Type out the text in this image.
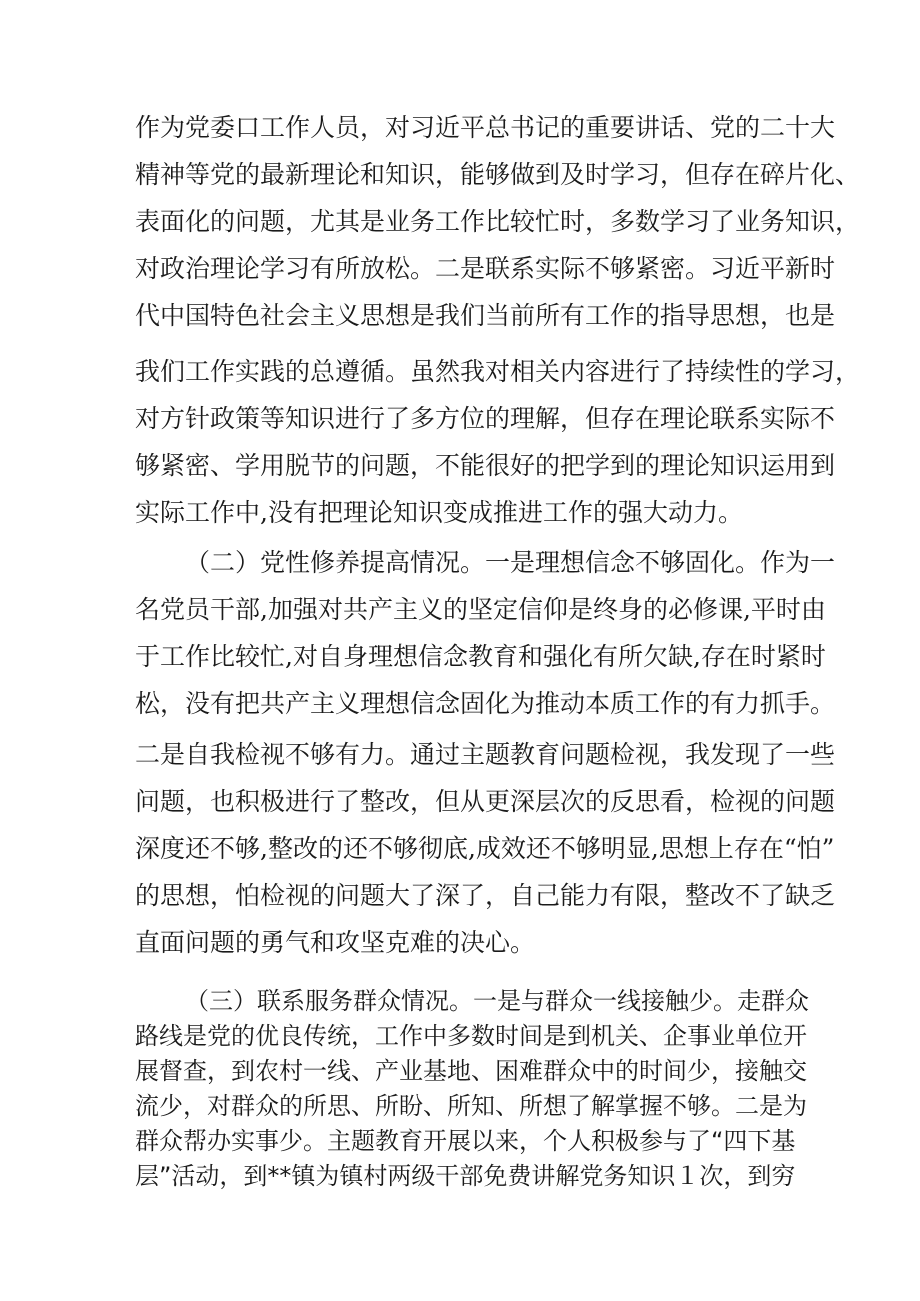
作为党委口工作人员，对习近平总书记的重要讲话、党的二十大
精神等党的最新理论和知识，能够做到及时学习，但存在碎片化、
表面化的问题，尤其是业务工作比较忙时，多数学习了业务知识，
对政治理论学习有所放松。二是联系实际不够紧密。习近平新时
代中国特色社会主义思想是我们当前所有工作的指导思想，也是
我们工作实践的总遵循。虽然我对相关内容进行了持续性的学习，
对方针政策等知识进行了多方位的理解，但存在理论联系实际不
够紧密、学用脱节的问题，不能很好的把学到的理论知识运用到
实际工作中,没有把理论知识变成推进工作的强大动力。
（二）党性修养提高情况。一是理想信念不够固化。作为一
名党员干部,加强对共产主义的坚定信仰是终身的必修课,平时由
于工作比较忙,对自身理想信念教育和强化有所欠缺,存在时紧时
松，没有把共产主义理想信念固化为推动本质工作的有力抓手。
二是自我检视不够有力。通过主题教育问题检视，我发现了一些
问题，也积极进行了整改，但从更深层次的反思看，检视的问题
深度还不够,整改的还不够彻底,成效还不够明显,思想上存在“怕”
的思想，怕检视的问题大了深了，自己能力有限，整改不了缺乏
直面问题的勇气和攻坚克难的决心。
（三）联系服务群众情况。一是与群众一线接触少。走群众
路线是党的优良传统，工作中多数时间是到机关、企事业单位开
展督查，到农村一线、产业基地、困难群众中的时间少，接触交
流少，对群众的所思、所盼、所知、所想了解掌握不够。二是为
群众帮办实事少。主题教育开展以来，个人积极参与了“四下基
层”活动，到**镇为镇村两级干部免费讲解党务知识１次，到穷
